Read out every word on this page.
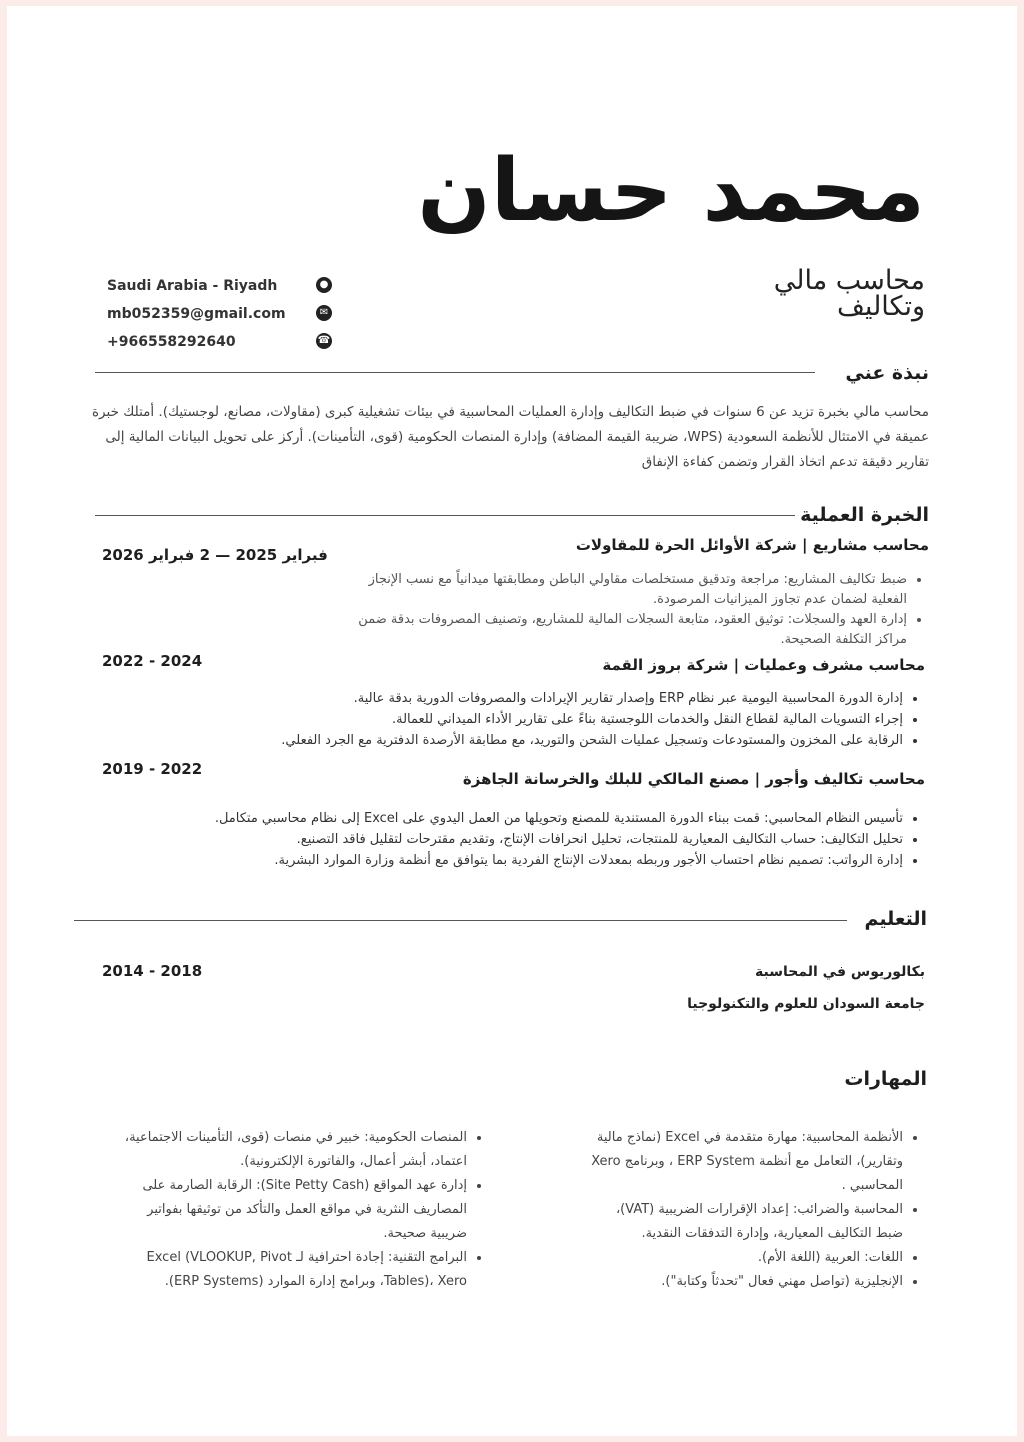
محمد حسان
محاسب مالي
وتكاليف
Saudi Arabia - Riyadh	●
mb052359@gmail.com	✉
+966558292640	☎
نبذة عني
محاسب مالي بخبرة تزيد عن 6 سنوات في ضبط التكاليف وإدارة العمليات المحاسبية في بيئات تشغيلية كبرى (مقاولات، مصانع، لوجستيك). أمتلك خبرة عميقة في الامتثال للأنظمة السعودية (WPS، ضريبة القيمة المضافة) وإدارة المنصات الحكومية (قوى، التأمينات). أركز على تحويل البيانات المالية إلى تقارير دقيقة تدعم اتخاذ القرار وتضمن كفاءة الإنفاق
الخبرة العملية
محاسب مشاريع | شركة الأوائل الحرة للمقاولات
فبراير 2025 — 2 فبراير 2026
• ضبط تكاليف المشاريع: مراجعة وتدقيق مستخلصات مقاولي الباطن ومطابقتها ميدانياً مع نسب الإنجاز الفعلية لضمان عدم تجاوز الميزانيات المرصودة.
• إدارة العهد والسجلات: توثيق العقود، متابعة السجلات المالية للمشاريع، وتصنيف المصروفات بدقة ضمن مراكز التكلفة الصحيحة.
محاسب مشرف وعمليات | شركة بروز القمة
2022 - 2024
• إدارة الدورة المحاسبية اليومية عبر نظام ERP وإصدار تقارير الإيرادات والمصروفات الدورية بدقة عالية.
• إجراء التسويات المالية لقطاع النقل والخدمات اللوجستية بناءً على تقارير الأداء الميداني للعمالة.
• الرقابة على المخزون والمستودعات وتسجيل عمليات الشحن والتوريد، مع مطابقة الأرصدة الدفترية مع الجرد الفعلي.
محاسب تكاليف وأجور | مصنع المالكي للبلك والخرسانة الجاهزة
2019 - 2022
• تأسيس النظام المحاسبي: قمت ببناء الدورة المستندية للمصنع وتحويلها من العمل اليدوي على Excel إلى نظام محاسبي متكامل.
• تحليل التكاليف: حساب التكاليف المعيارية للمنتجات، تحليل انحرافات الإنتاج، وتقديم مقترحات لتقليل فاقد التصنيع.
• إدارة الرواتب: تصميم نظام احتساب الأجور وربطه بمعدلات الإنتاج الفردية بما يتوافق مع أنظمة وزارة الموارد البشرية.
التعليم
بكالوريوس في المحاسبة
2014 - 2018
جامعة السودان للعلوم والتكنولوجيا
المهارات
• الأنظمة المحاسبية: مهارة متقدمة في Excel (نماذج مالية وتقارير)، التعامل مع أنظمة ERP System ، وبرنامج Xero المحاسبي .
• المحاسبة والضرائب: إعداد الإقرارات الضريبية (VAT)، ضبط التكاليف المعيارية، وإدارة التدفقات النقدية.
• اللغات: العربية (اللغة الأم).
• الإنجليزية (تواصل مهني فعال "تحدثاً وكتابة").
• المنصات الحكومية: خبير في منصات (قوى، التأمينات الاجتماعية، اعتماد، أبشر أعمال، والفاتورة الإلكترونية).
• إدارة عهد المواقع (Site Petty Cash): الرقابة الصارمة على المصاريف النثرية في مواقع العمل والتأكد من توثيقها بفواتير ضريبية صحيحة.
• البرامج التقنية: إجادة احترافية لـ Excel (VLOOKUP, Pivot Tables)، Xero، وبرامج إدارة الموارد (ERP Systems).
